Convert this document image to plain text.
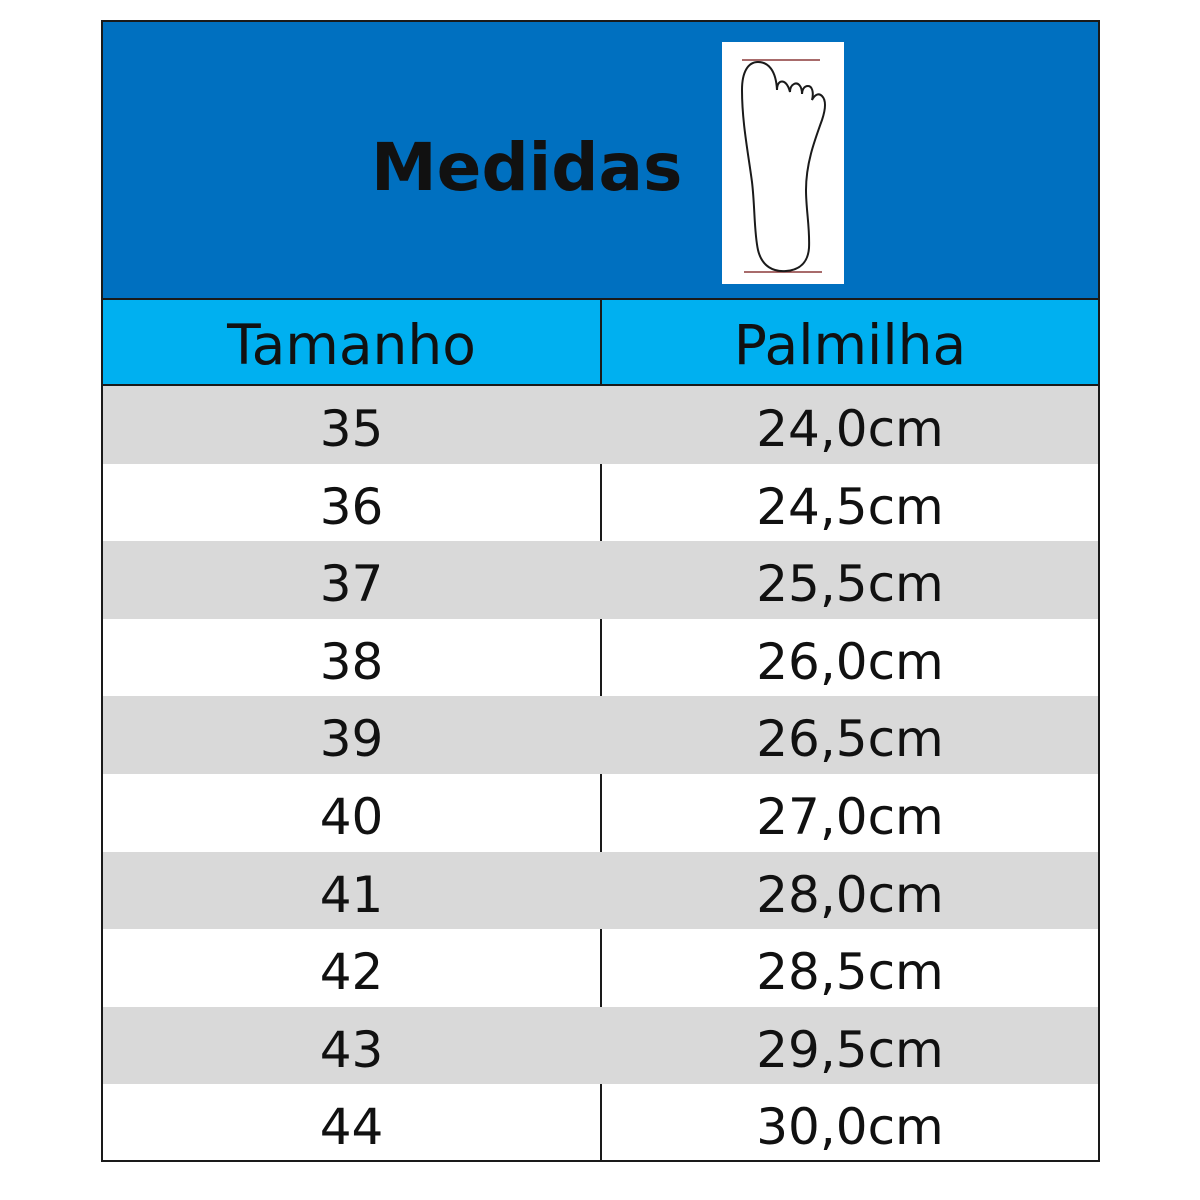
Medidas
Tamanho	Palmilha
35	24,0cm
36	24,5cm
37	25,5cm
38	26,0cm
39	26,5cm
40	27,0cm
41	28,0cm
42	28,5cm
43	29,5cm
44	30,0cm
